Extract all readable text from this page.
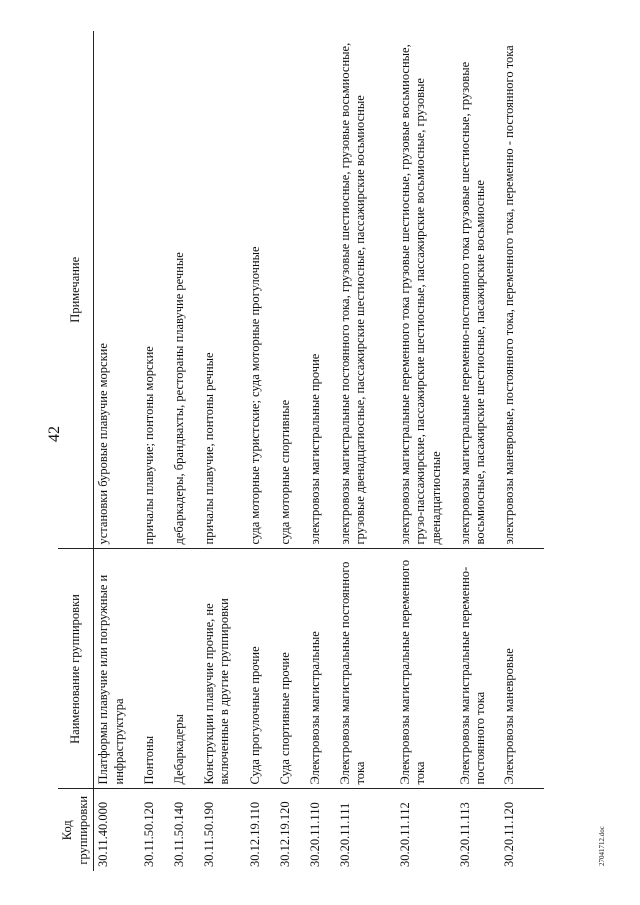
42
Код группировки	Наименование группировки	Примечание
30.11.40.000	Платформы плавучие или погружные и инфраструктура	установки буровые плавучие морские
30.11.50.120	Понтоны	причалы плавучие; понтоны морские
30.11.50.140	Дебаркадеры	дебаркадеры, брандвахты, рестораны плавучие речные
30.11.50.190	Конструкции плавучие прочие, не включенные в другие группировки	причалы плавучие, понтоны речные
30.12.19.110	Суда прогулочные прочие	суда моторные туристские; суда моторные прогулочные
30.12.19.120	Суда спортивные прочие	суда моторные спортивные
30.20.11.110	Электровозы магистральные	электровозы магистральные прочие
30.20.11.111	Электровозы магистральные постоянного тока	электровозы магистральные постоянного тока, грузовые шестиосные, грузовые восьмиосные, грузовые двенадцатиосные, пассажирские шестиосные, пассажирские восьмиосные
30.20.11.112	Электровозы магистральные переменного тока	электровозы магистральные переменного тока грузовые шестиосные, грузовые восьмиосные, грузо-пассажирские, пассажирские шестиосные, пассажирские восьмиосные, грузовые двенадцатиосные
30.20.11.113	Электровозы магистральные переменно-постоянного тока	электровозы магистральные переменно-постоянного тока грузовые шестиосные, грузовые восьмиосные, пасажирские шестиосные, пасажирские восьмиосные
30.20.11.120	Электровозы маневровые	электровозы маневровые, постоянного тока, переменного тока, переменно - постоянного тока
27041712.doc
